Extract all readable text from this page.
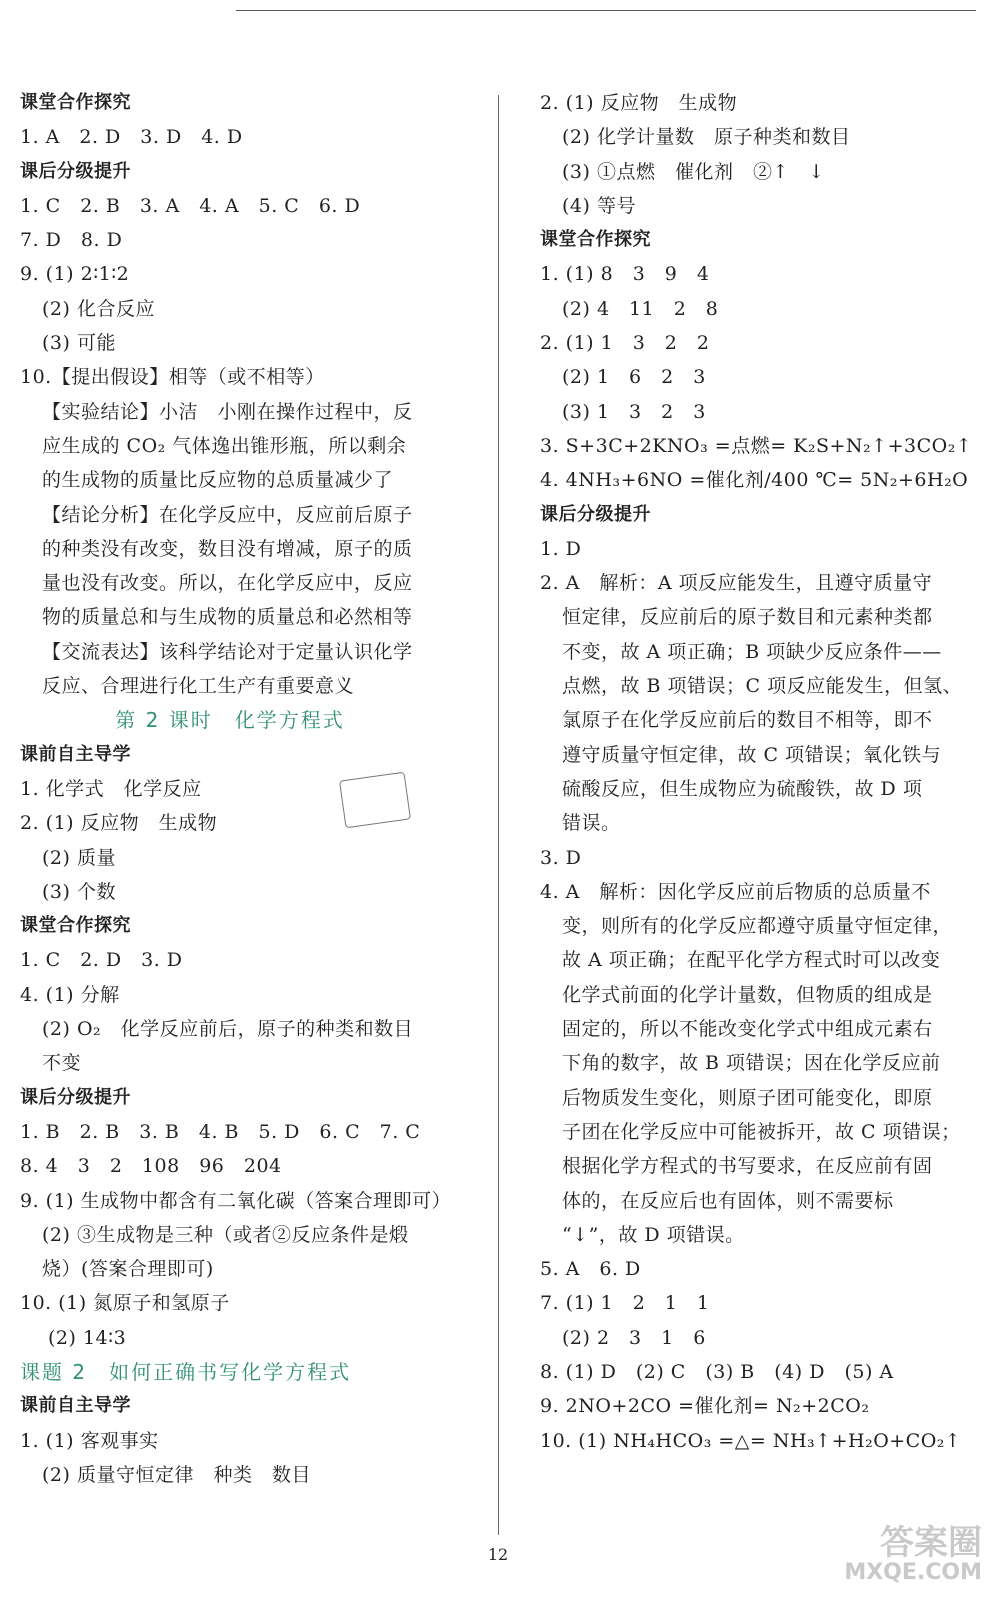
课堂合作探究
1. A　2. D　3. D　4. D
课后分级提升
1. C　2. B　3. A　4. A　5. C　6. D
7. D　8. D
9. (1) 2∶1∶2
(2) 化合反应
(3) 可能
10.【提出假设】相等（或不相等）
【实验结论】小洁　小刚在操作过程中，反
应生成的 CO₂ 气体逸出锥形瓶，所以剩余
的生成物的质量比反应物的总质量减少了
【结论分析】在化学反应中，反应前后原子
的种类没有改变，数目没有增减，原子的质
量也没有改变。所以，在化学反应中，反应
物的质量总和与生成物的质量总和必然相等
【交流表达】该科学结论对于定量认识化学
反应、合理进行化工生产有重要意义
第 2 课时　化学方程式
课前自主导学
1. 化学式　化学反应
2. (1) 反应物　生成物
(2) 质量
(3) 个数
课堂合作探究
1. C　2. D　3. D
4. (1) 分解
(2) O₂　化学反应前后，原子的种类和数目
不变
课后分级提升
1. B　2. B　3. B　4. B　5. D　6. C　7. C
8. 4　3　2　108　96　204
9. (1) 生成物中都含有二氧化碳（答案合理即可）
(2) ③生成物是三种（或者②反应条件是煅
烧）(答案合理即可)
10. (1) 氮原子和氢原子
(2) 14∶3
课题 2　如何正确书写化学方程式
课前自主导学
1. (1) 客观事实
(2) 质量守恒定律　种类　数目
2. (1) 反应物　生成物
(2) 化学计量数　原子种类和数目
(3) ①点燃　催化剂　②↑　↓
(4) 等号
课堂合作探究
1. (1) 8　3　9　4
(2) 4　11　2　8
2. (1) 1　3　2　2
(2) 1　6　2　3
(3) 1　3　2　3
3. S+3C+2KNO₃ =点燃= K₂S+N₂↑+3CO₂↑
4. 4NH₃+6NO =催化剂/400 ℃= 5N₂+6H₂O
课后分级提升
1. D
2. A　解析：A 项反应能发生，且遵守质量守
恒定律，反应前后的原子数目和元素种类都
不变，故 A 项正确；B 项缺少反应条件——
点燃，故 B 项错误；C 项反应能发生，但氢、
氯原子在化学反应前后的数目不相等，即不
遵守质量守恒定律，故 C 项错误；氧化铁与
硫酸反应，但生成物应为硫酸铁，故 D 项
错误。
3. D
4. A　解析：因化学反应前后物质的总质量不
变，则所有的化学反应都遵守质量守恒定律，
故 A 项正确；在配平化学方程式时可以改变
化学式前面的化学计量数，但物质的组成是
固定的，所以不能改变化学式中组成元素右
下角的数字，故 B 项错误；因在化学反应前
后物质发生变化，则原子团可能变化，即原
子团在化学反应中可能被拆开，故 C 项错误；
根据化学方程式的书写要求，在反应前有固
体的，在反应后也有固体，则不需要标
“↓”，故 D 项错误。
5. A　6. D
7. (1) 1　2　1　1
(2) 2　3　1　6
8. (1) D　(2) C　(3) B　(4) D　(5) A
9. 2NO+2CO =催化剂= N₂+2CO₂
10. (1) NH₄HCO₃ =△= NH₃↑+H₂O+CO₂↑
12	答案圈
MXQE.COM
